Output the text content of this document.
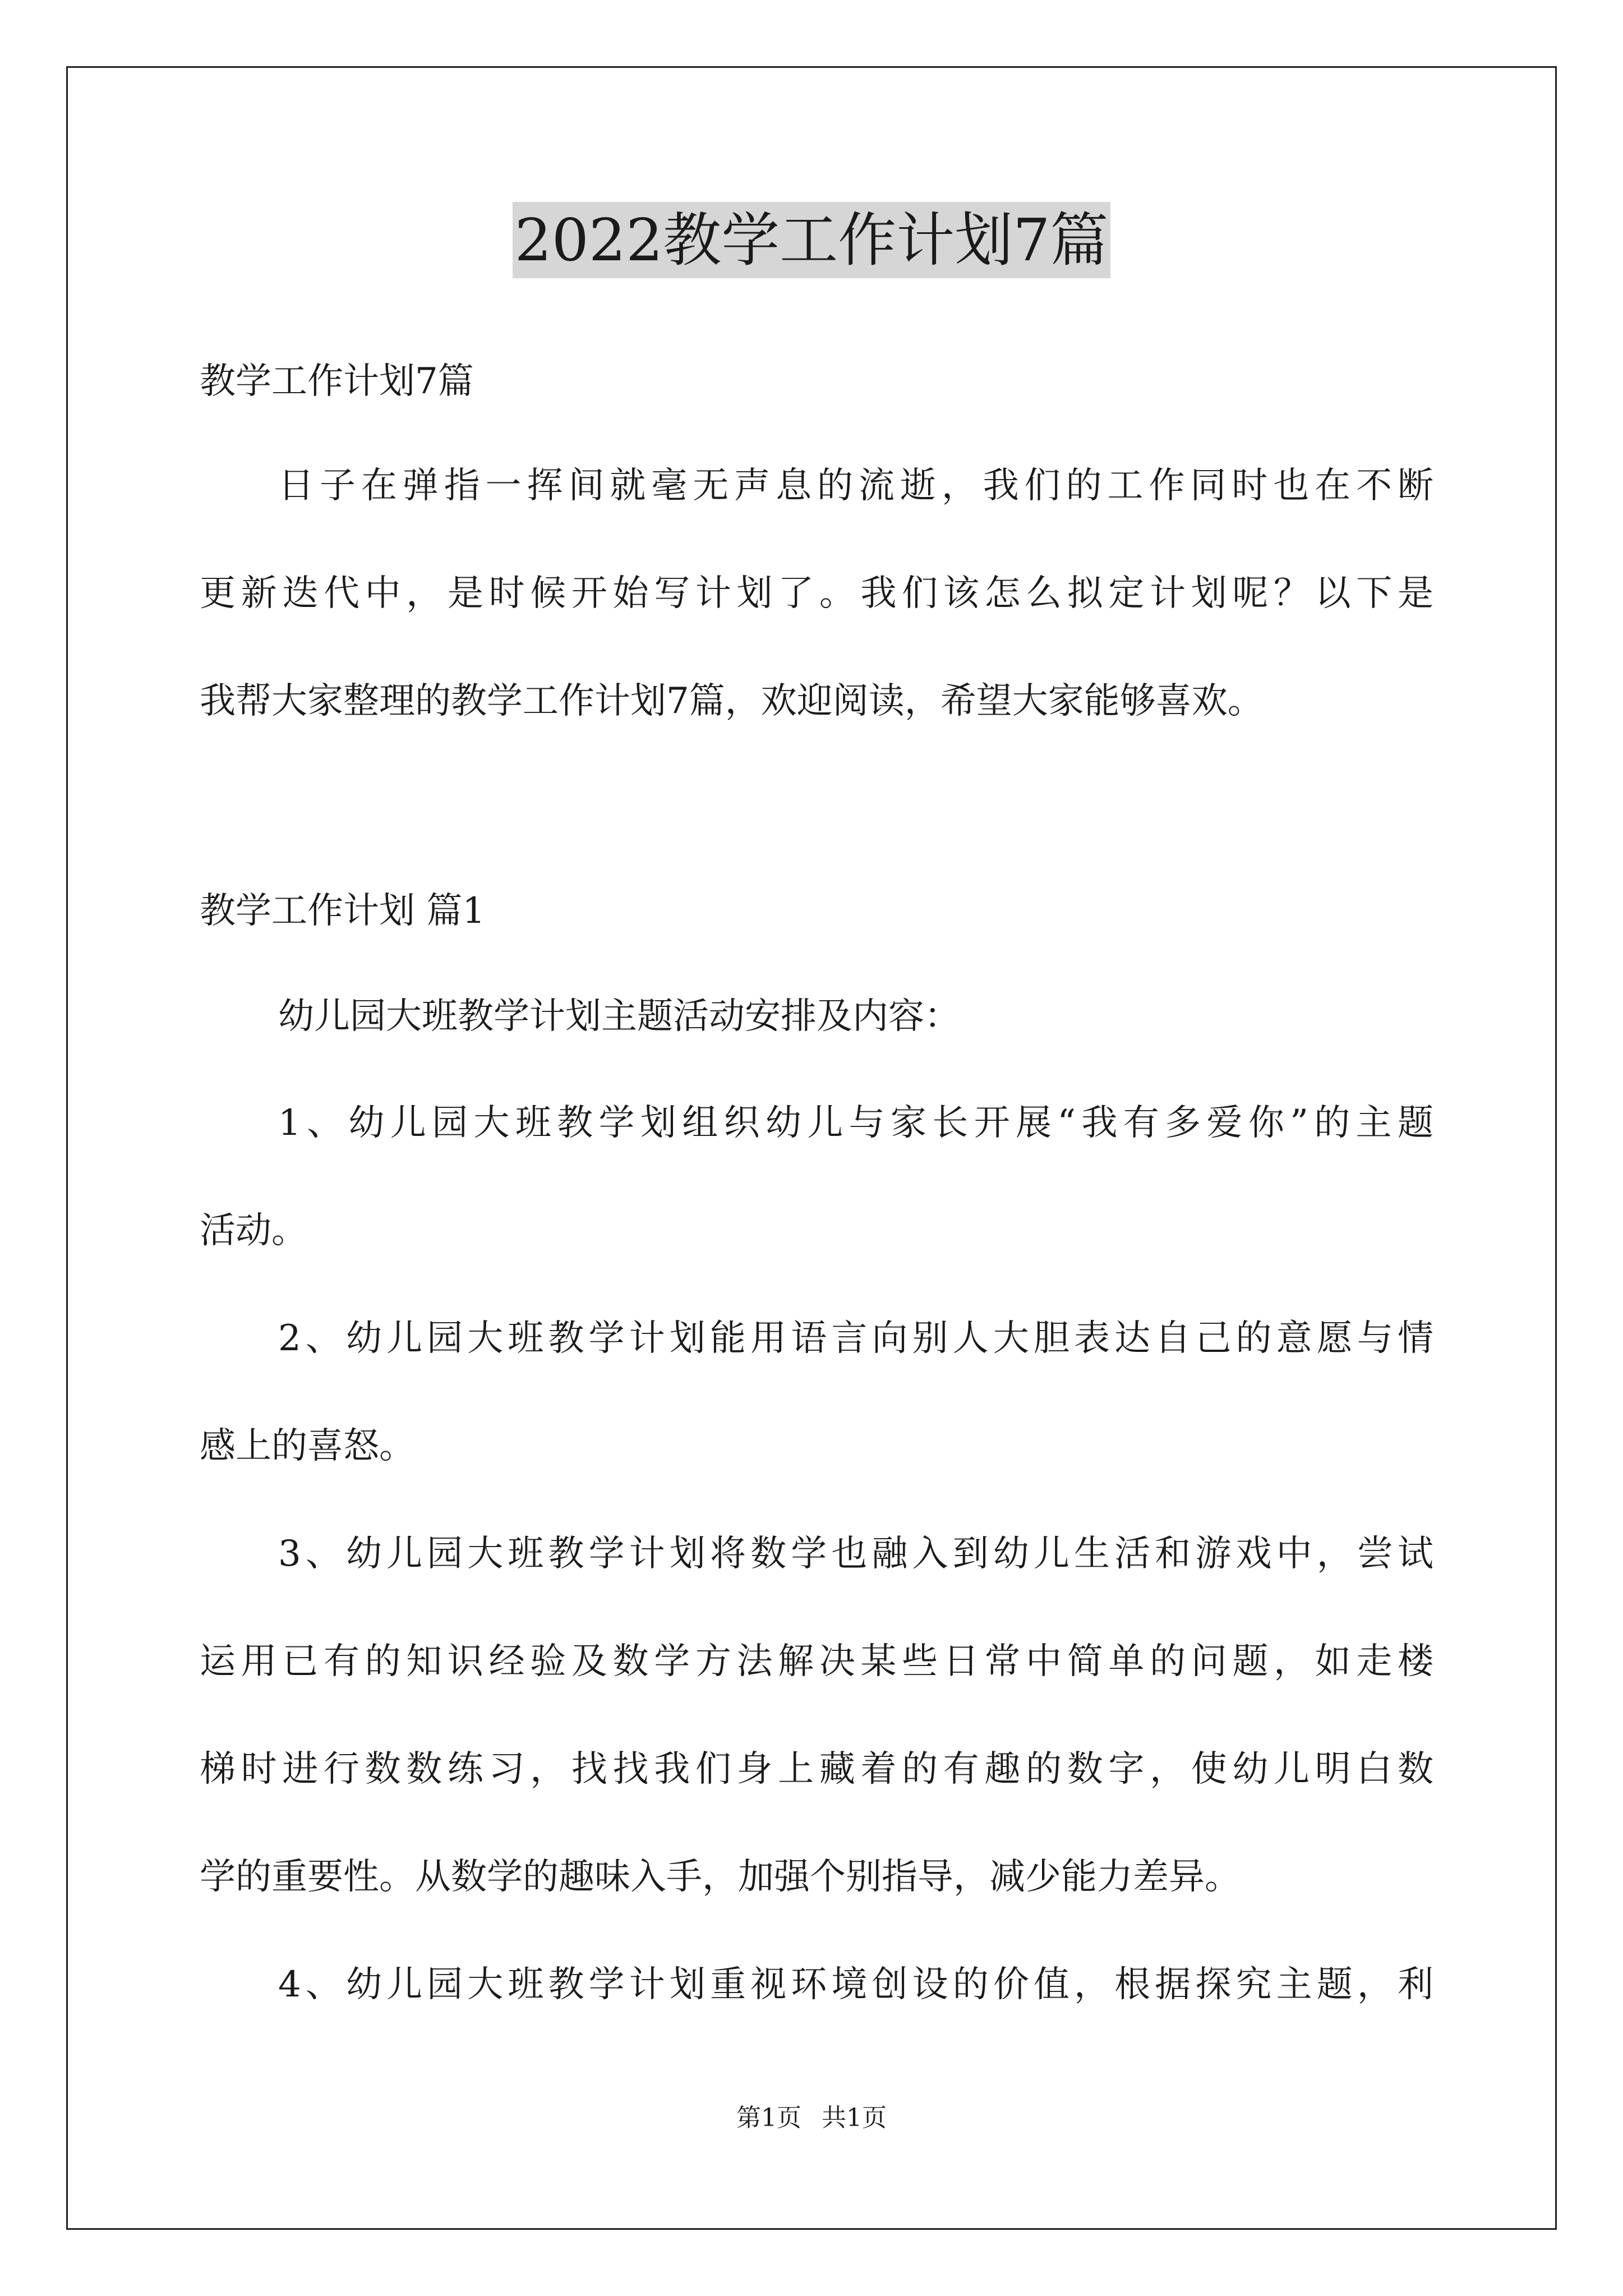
2022教学工作计划7篇
教学工作计划7篇
日子在弹指一挥间就毫无声息的流逝，我们的工作同时也在不断
更新迭代中，是时候开始写计划了。我们该怎么拟定计划呢？以下是
我帮大家整理的教学工作计划7篇，欢迎阅读，希望大家能够喜欢。
教学工作计划 篇1
幼儿园大班教学计划主题活动安排及内容：
1、幼儿园大班教学划组织幼儿与家长开展“我有多爱你”的主题
活动。
2、幼儿园大班教学计划能用语言向别人大胆表达自己的意愿与情
感上的喜怒。
3、幼儿园大班教学计划将数学也融入到幼儿生活和游戏中，尝试
运用已有的知识经验及数学方法解决某些日常中简单的问题，如走楼
梯时进行数数练习，找找我们身上藏着的有趣的数字，使幼儿明白数
学的重要性。从数学的趣味入手，加强个别指导，减少能力差异。
4、幼儿园大班教学计划重视环境创设的价值，根据探究主题，利
第1页 共1页
